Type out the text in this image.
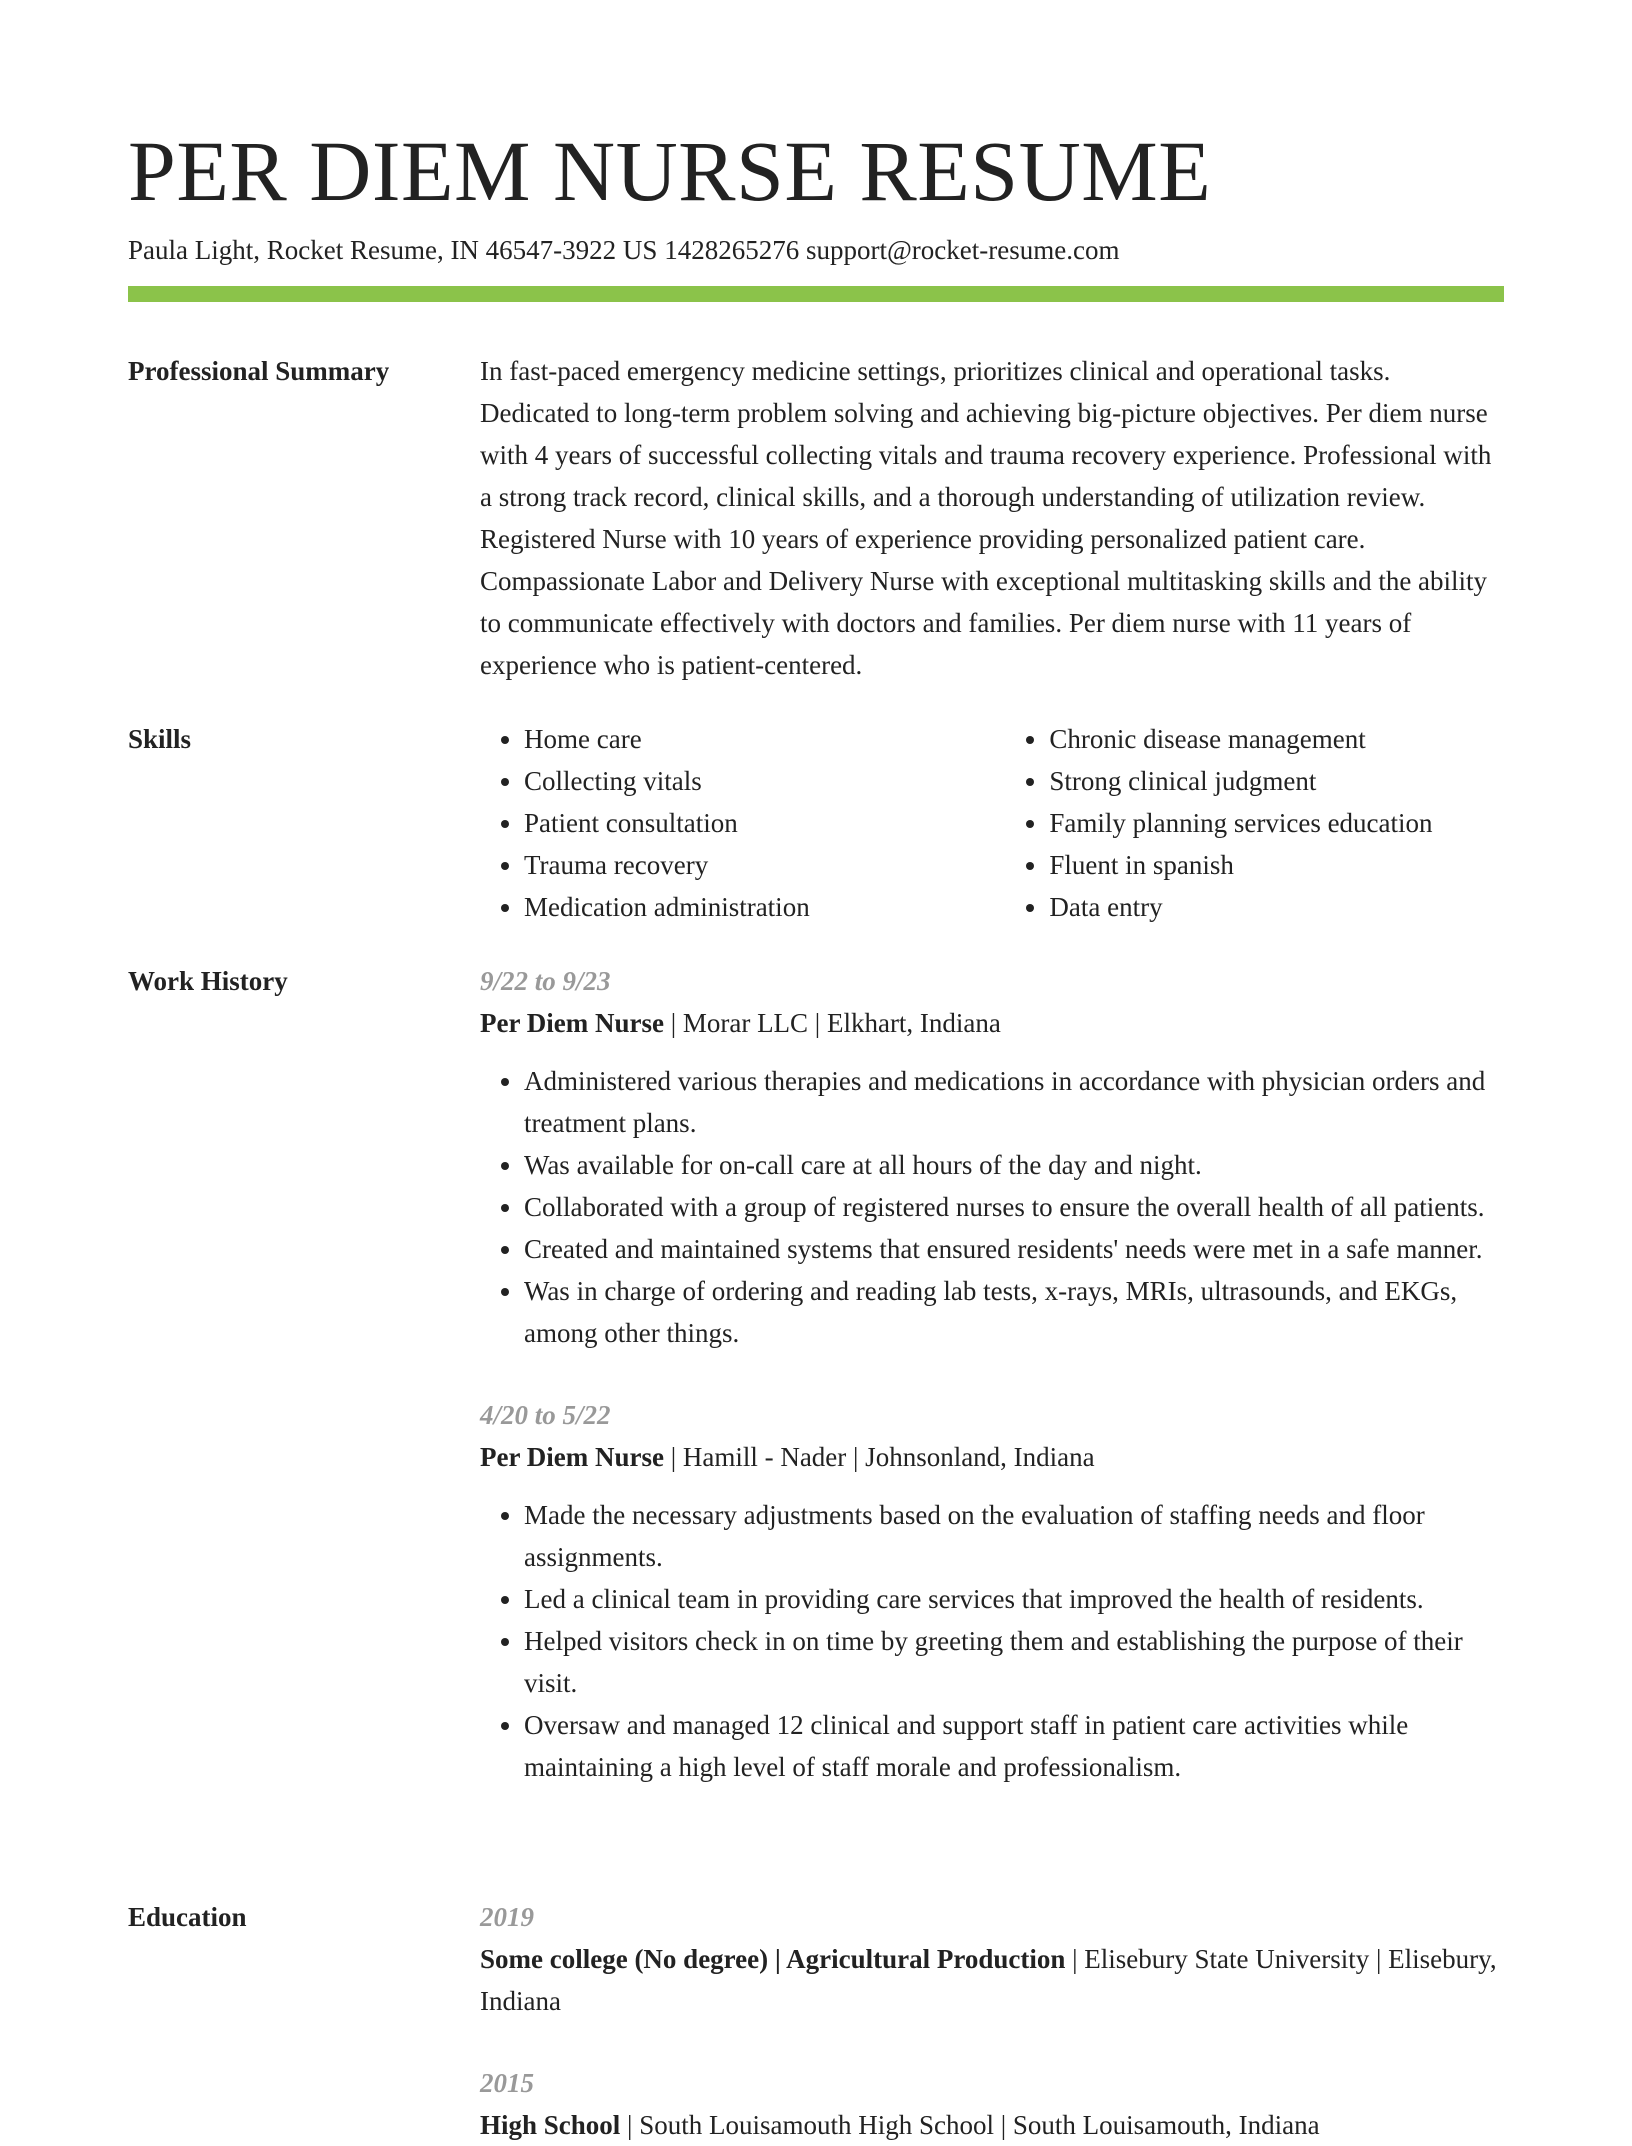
PER DIEM NURSE RESUME
Paula Light, Rocket Resume, IN 46547-3922 US 1428265276 support@rocket-resume.com
Professional Summary	In fast-paced emergency medicine settings, prioritizes clinical and operational tasks. Dedicated to long-term problem solving and achieving big-picture objectives. Per diem nurse with 4 years of successful collecting vitals and trauma recovery experience. Professional with a strong track record, clinical skills, and a thorough understanding of utilization review. Registered Nurse with 10 years of experience providing personalized patient care. Compassionate Labor and Delivery Nurse with exceptional multitasking skills and the ability to communicate effectively with doctors and families. Per diem nurse with 11 years of experience who is patient-centered.

Skills
•	Home care
• Collecting vitals
• Patient consultation
• Trauma recovery
• Medication administration
• Chronic disease management
• Strong clinical judgment
• Family planning services education
• Fluent in spanish
• Data entry
Work History	9/22 to 9/23
Per Diem Nurse | Morar LLC | Elkhart, Indiana
• Administered various therapies and medications in accordance with physician orders and treatment plans.
• Was available for on-call care at all hours of the day and night.
• Collaborated with a group of registered nurses to ensure the overall health of all patients.
• Created and maintained systems that ensured residents' needs were met in a safe manner.
• Was in charge of ordering and reading lab tests, x-rays, MRIs, ultrasounds, and EKGs, among other things.
4/20 to 5/22
Per Diem Nurse | Hamill - Nader | Johnsonland, Indiana
• Made the necessary adjustments based on the evaluation of staffing needs and floor assignments.
• Led a clinical team in providing care services that improved the health of residents.
• Helped visitors check in on time by greeting them and establishing the purpose of their visit.
• Oversaw and managed 12 clinical and support staff in patient care activities while maintaining a high level of staff morale and professionalism.
Education	2019
Some college (No degree) | Agricultural Production | Elisebury State University | Elisebury, Indiana
2015
High School | South Louisamouth High School | South Louisamouth, Indiana
